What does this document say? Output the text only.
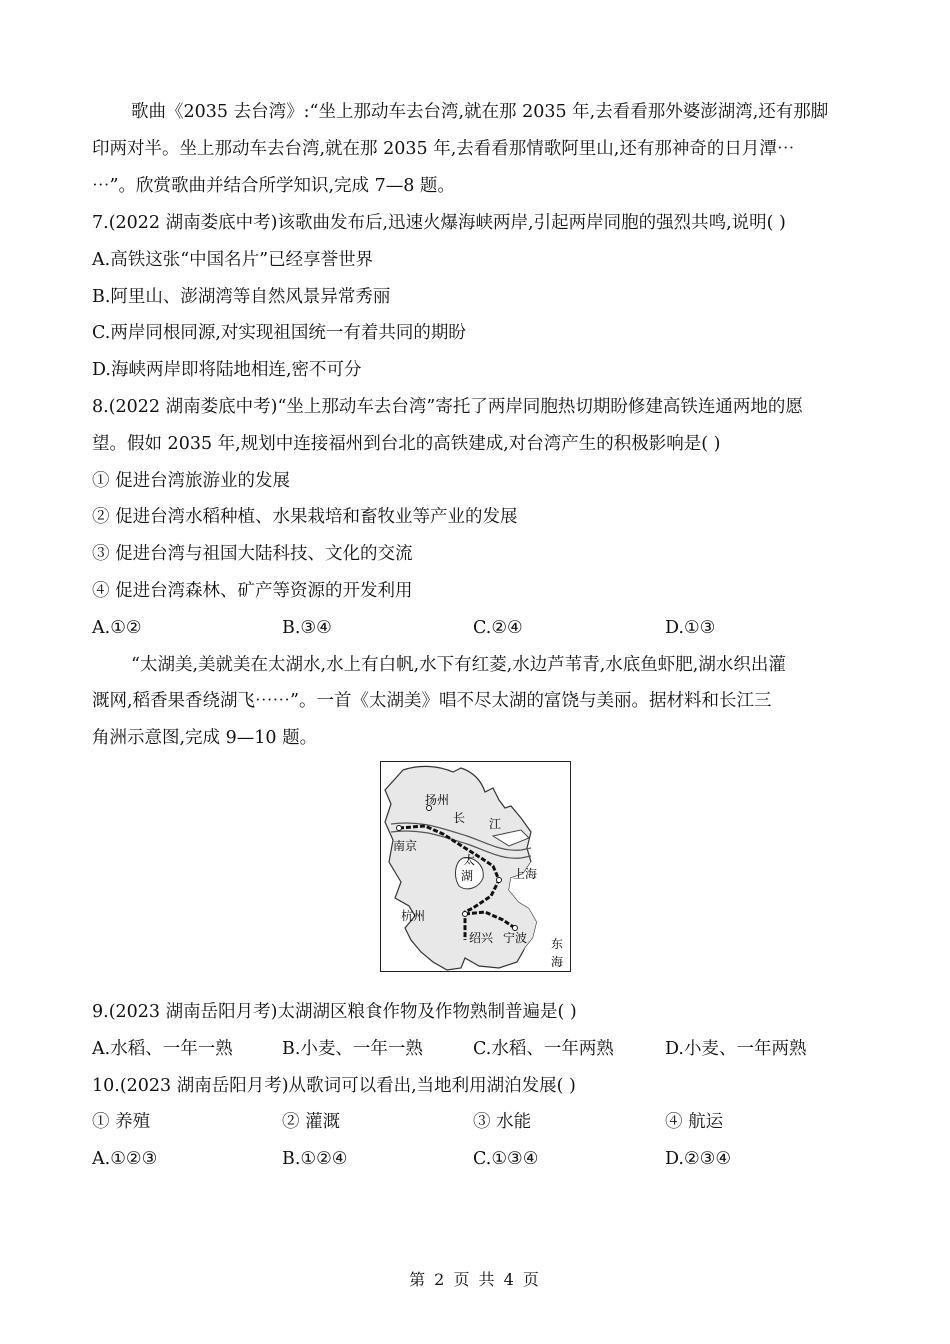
歌曲《2035 去台湾》:“坐上那动车去台湾,就在那 2035 年,去看看那外婆澎湖湾,还有那脚
印两对半。坐上那动车去台湾,就在那 2035 年,去看看那情歌阿里山,还有那神奇的日月潭⋯
⋯”。欣赏歌曲并结合所学知识,完成 7—8 题。
7.(2022 湖南娄底中考)该歌曲发布后,迅速火爆海峡两岸,引起两岸同胞的强烈共鸣,说明( )
A.高铁这张“中国名片”已经享誉世界
B.阿里山、澎湖湾等自然风景异常秀丽
C.两岸同根同源,对实现祖国统一有着共同的期盼
D.海峡两岸即将陆地相连,密不可分
8.(2022 湖南娄底中考)“坐上那动车去台湾”寄托了两岸同胞热切期盼修建高铁连通两地的愿
望。假如 2035 年,规划中连接福州到台北的高铁建成,对台湾产生的积极影响是( )
① 促进台湾旅游业的发展
② 促进台湾水稻种植、水果栽培和畜牧业等产业的发展
③ 促进台湾与祖国大陆科技、文化的交流
④ 促进台湾森林、矿产等资源的开发利用
A.①②	B.③④	C.②④	D.①③
“太湖美,美就美在太湖水,水上有白帆,水下有红菱,水边芦苇青,水底鱼虾肥,湖水织出灌
溉网,稻香果香绕湖飞⋯⋯”。一首《太湖美》唱不尽太湖的富饶与美丽。据材料和长江三
角洲示意图,完成 9—10 题。
扬州
长 江
南京
太
湖	上海
杭州
绍兴 宁波 东
海
9.(2023 湖南岳阳月考)太湖湖区粮食作物及作物熟制普遍是( )
A.水稻、一年一熟	B.小麦、一年一熟	C.水稻、一年两熟	D.小麦、一年两熟
10.(2023 湖南岳阳月考)从歌词可以看出,当地利用湖泊发展( )
① 养殖	② 灌溉	③ 水能	④ 航运
A.①②③	B.①②④	C.①③④	D.②③④
第 2 页 共 4 页
